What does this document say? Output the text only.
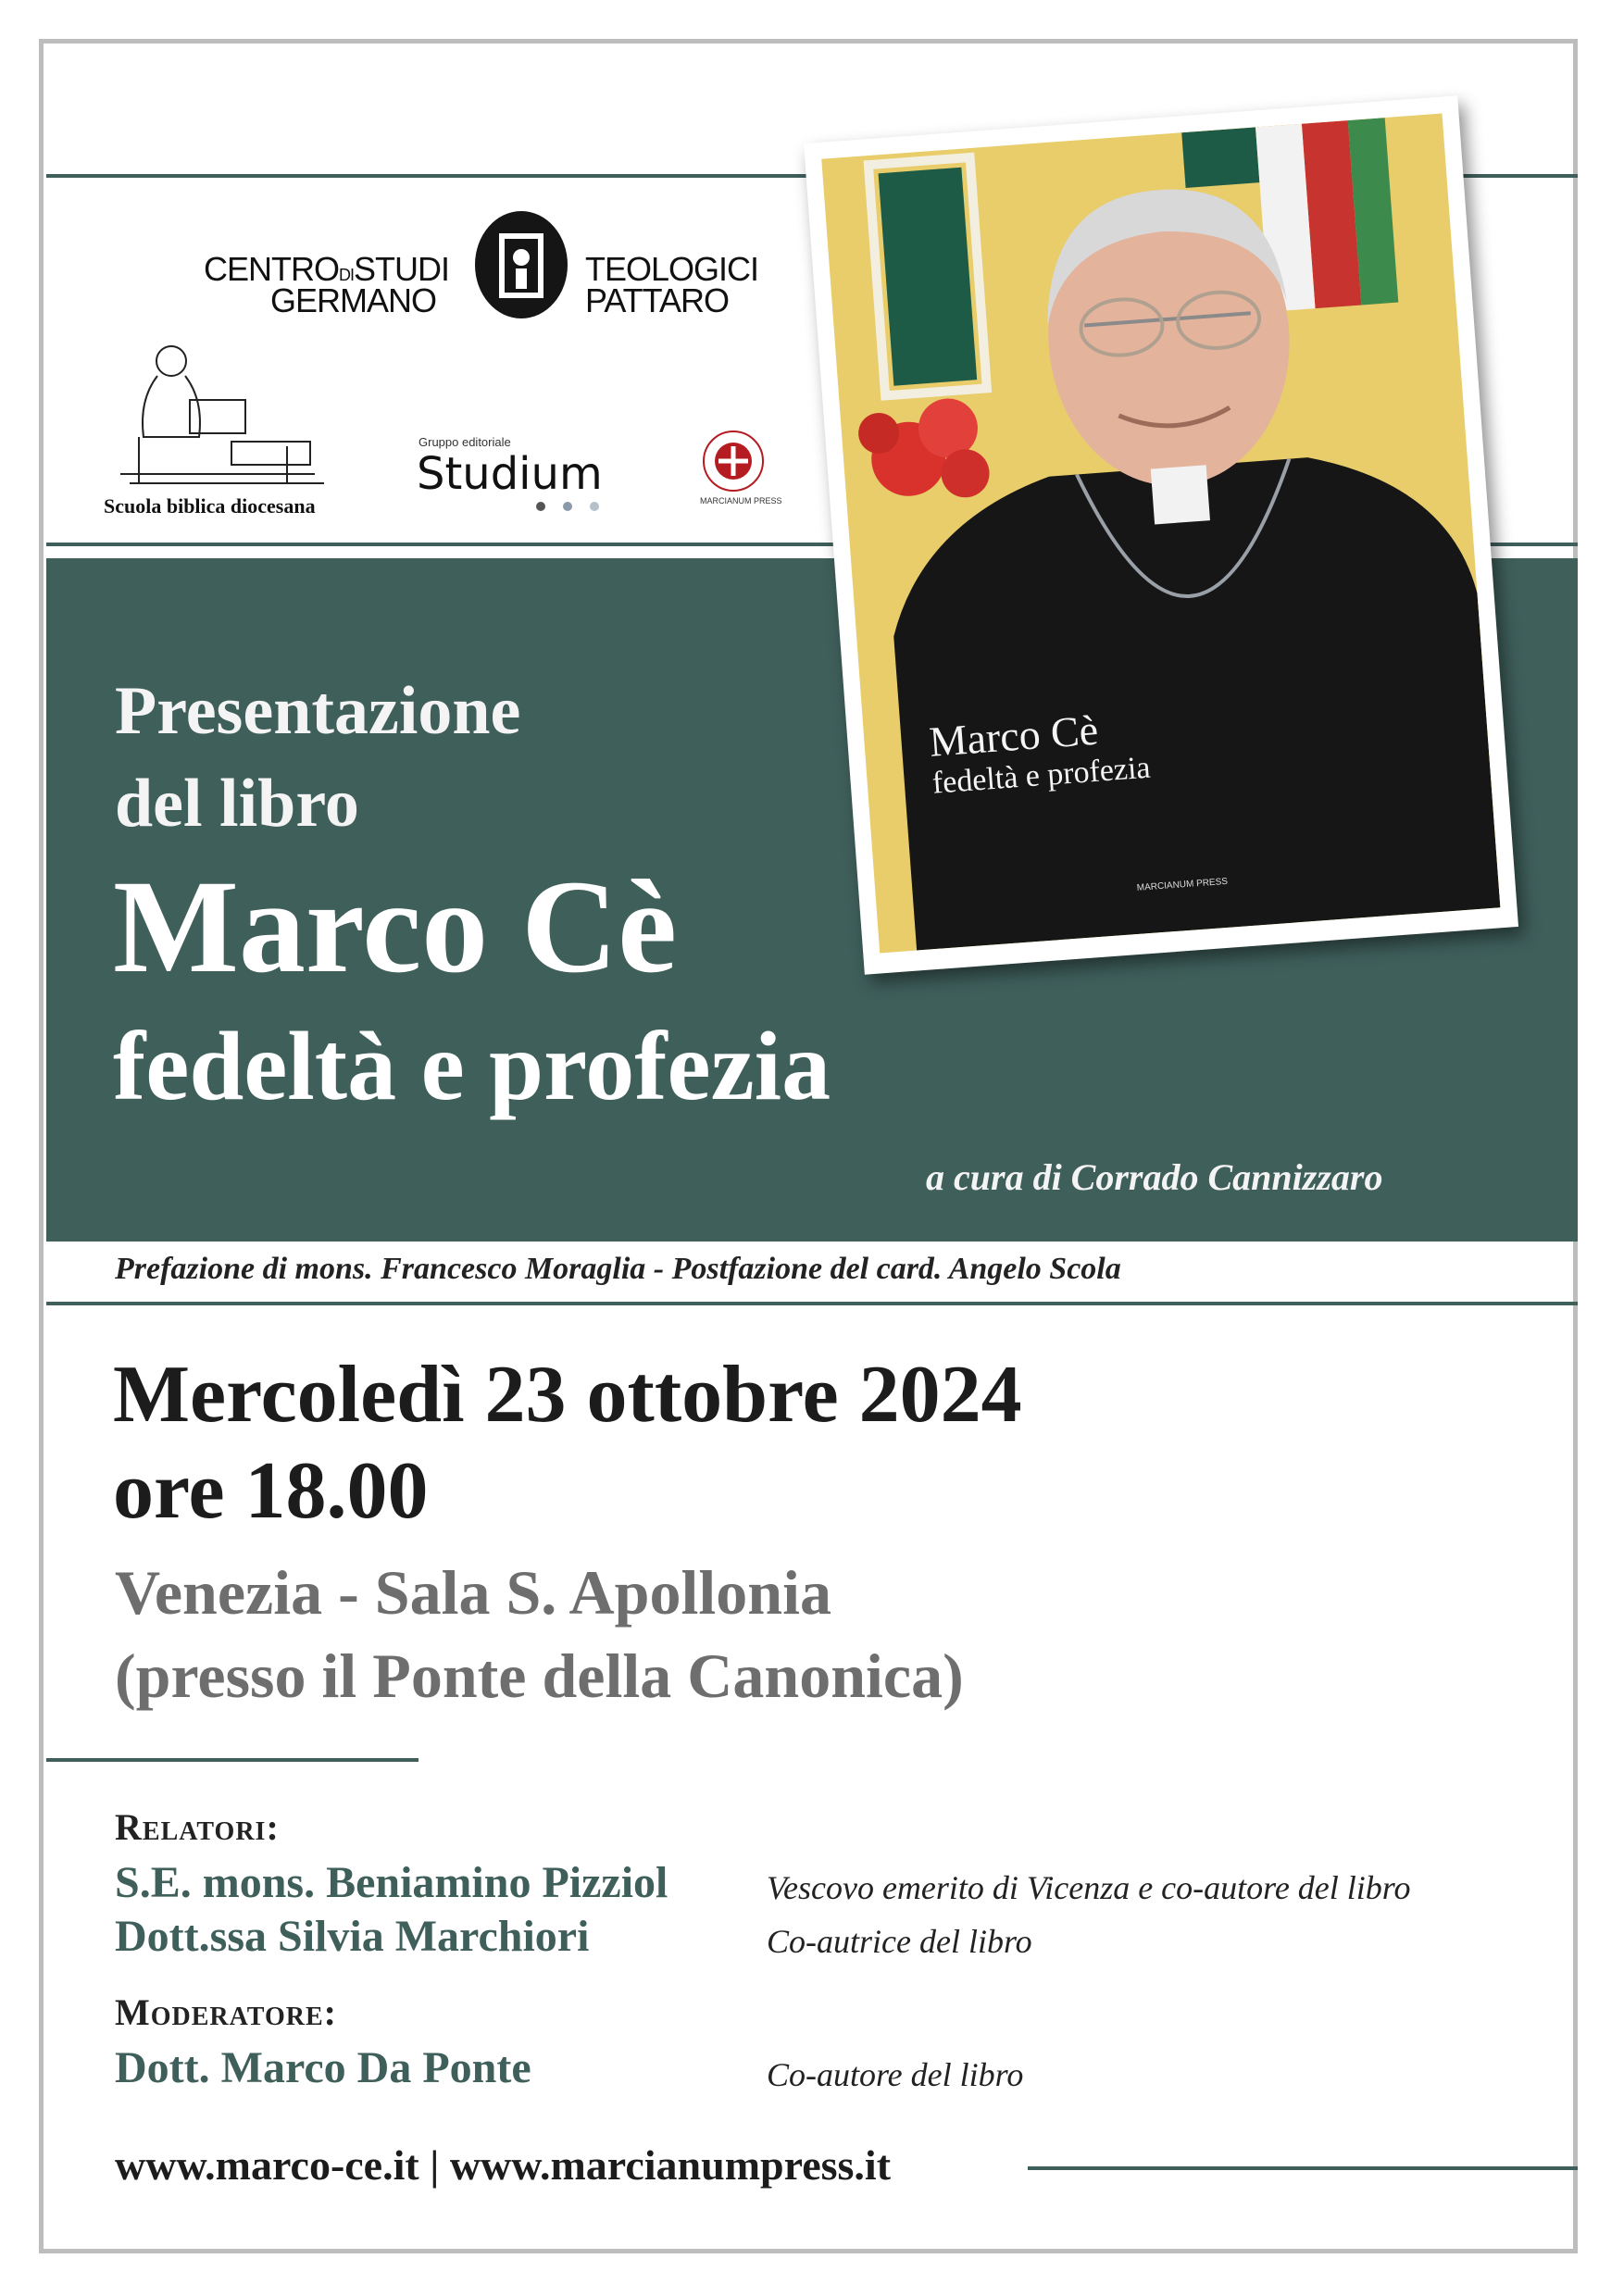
CENTRODISTUDI
GERMANO
TEOLOGICI
PATTARO
Scuola biblica diocesana
Gruppo editoriale
Studium
MARCIANUM PRESS
Marco Cè
fedeltà e profezia
MARCIANUM PRESS
Presentazione
del libro
Marco Cè
fedeltà e profezia
a cura di Corrado Cannizzaro
Prefazione di mons. Francesco Moraglia - Postfazione del card. Angelo Scola
Mercoledì 23 ottobre 2024
ore 18.00
Venezia - Sala S. Apollonia
(presso il Ponte della Canonica)
Relatori:
S.E. mons. Beniamino Pizziol	Vescovo emerito di Vicenza e co-autore del libro
Dott.ssa Silvia Marchiori	Co-autrice del libro
Moderatore:
Dott. Marco Da Ponte	Co-autore del libro
www.marco-ce.it | www.marcianumpress.it
